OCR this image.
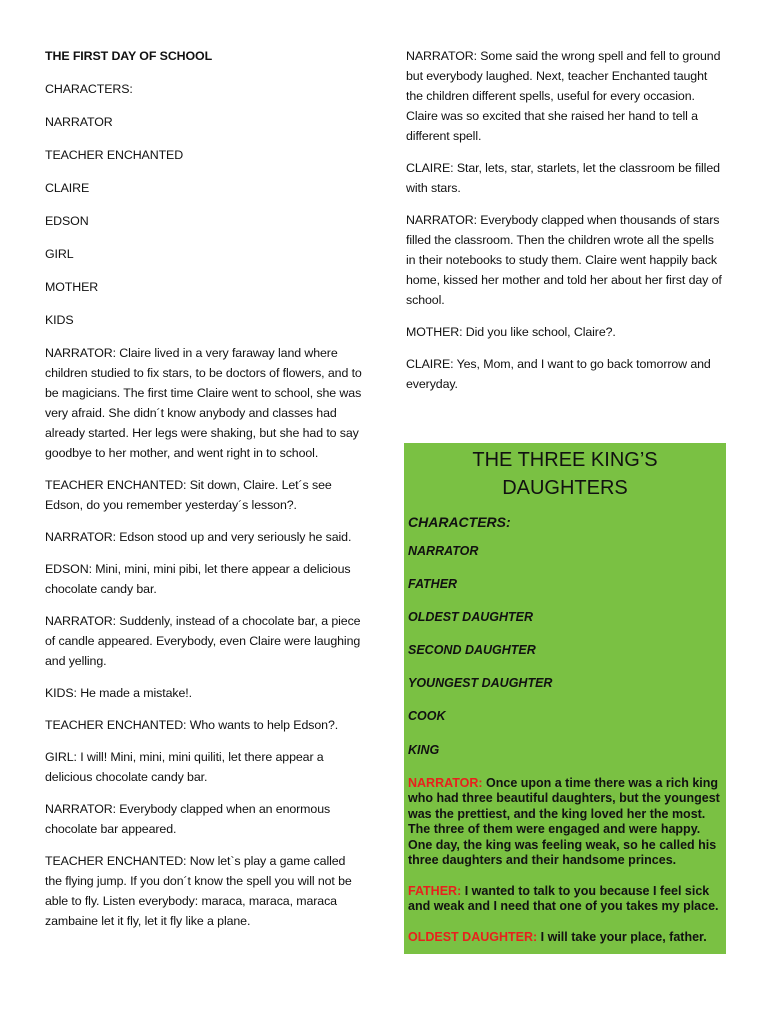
THE FIRST DAY OF SCHOOL

CHARACTERS:

NARRATOR

TEACHER ENCHANTED

CLAIRE

EDSON

GIRL

MOTHER

KIDS

NARRATOR: Claire lived in a very faraway land where children studied to fix stars, to be doctors of flowers, and to be magicians. The first time Claire went to school, she was very afraid. She didn´t know anybody and classes had already started. Her legs were shaking, but she had to say goodbye to her mother, and went right in to school.

TEACHER ENCHANTED: Sit down, Claire. Let´s see Edson, do you remember yesterday´s lesson?.

NARRATOR: Edson stood up and very seriously he said.

EDSON: Mini, mini, mini pibi, let there appear a delicious chocolate candy bar.

NARRATOR: Suddenly, instead of a chocolate bar, a piece of candle appeared. Everybody, even Claire were laughing and yelling.

KIDS: He made a mistake!.

TEACHER ENCHANTED: Who wants to help Edson?.

GIRL: I will! Mini, mini, mini quiliti, let there appear a delicious chocolate candy bar.

NARRATOR: Everybody clapped when an enormous chocolate bar appeared.

TEACHER ENCHANTED: Now let`s play a game called the flying jump. If you don´t know the spell you will not be able to fly. Listen everybody: maraca, maraca, maraca zambaine let it fly, let it fly like a plane.

NARRATOR: Some said the wrong spell and fell to ground but everybody laughed. Next, teacher Enchanted taught the children different spells, useful for every occasion. Claire was so excited that she raised her hand to tell a different spell.

CLAIRE: Star, lets, star, starlets, let the classroom be filled with stars.

NARRATOR: Everybody clapped when thousands of stars filled the classroom. Then the children wrote all the spells in their notebooks to study them. Claire went happily back home, kissed her mother and told her about her first day of school.

MOTHER: Did you like school, Claire?.

CLAIRE: Yes, Mom, and I want to go back tomorrow and everyday.

THE THREE KING’S
DAUGHTERS
CHARACTERS:
NARRATOR
FATHER
OLDEST DAUGHTER
SECOND DAUGHTER
YOUNGEST DAUGHTER
COOK
KING

NARRATOR: Once upon a time there was a rich king who had three beautiful daughters, but the youngest was the prettiest, and the king loved her the most. The three of them were engaged and were happy. One day, the king was feeling weak, so he called his three daughters and their handsome princes.

FATHER: I wanted to talk to you because I feel sick and weak and I need that one of you takes my place.

OLDEST DAUGHTER: I will take your place, father.
